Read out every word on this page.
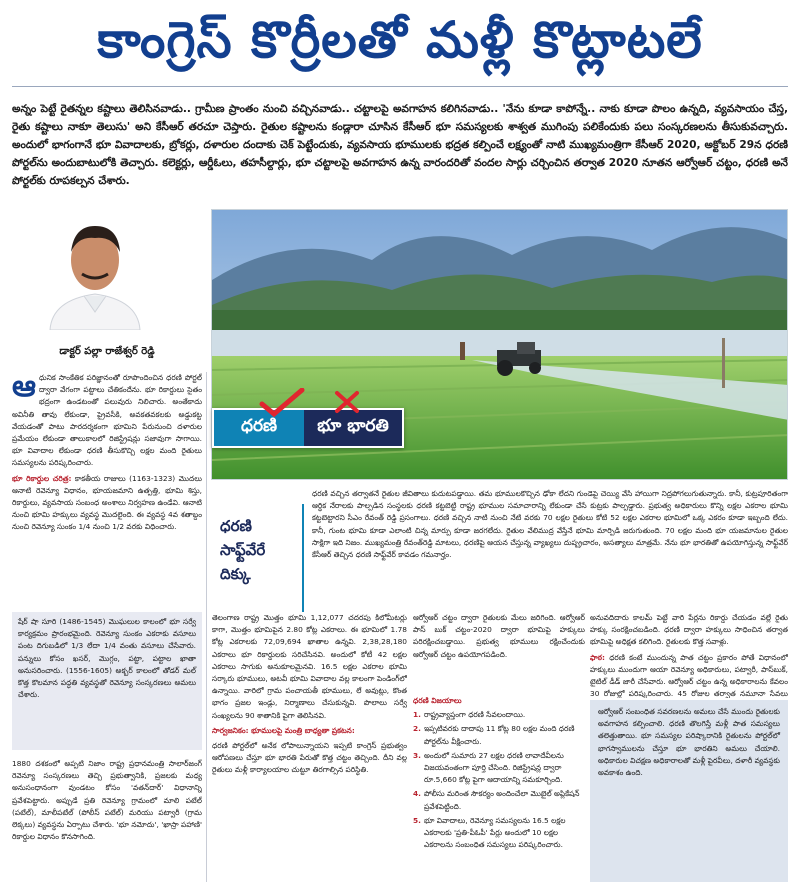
కాంగ్రెస్ కొర్రీలతో మళ్లీ కొట్లాటలే
అన్నం పెట్టే రైతన్నల కష్టాలు తెలిసినవాడు.. గ్రామీణ ప్రాంతం నుంచి వచ్చినవాడు.. చట్టాలపై అవగాహన కలిగినవాడు.. 'నేను కూడా కాపోన్నే.. నాకు కూడా పొలం ఉన్నది, వ్యవసాయం చేస్త, రైతు కష్టాలు నాకూ తెలుసు' అని కేసీఆర్ తరచూ చెప్తారు. రైతుల కష్టాలను కండ్లారా చూసిన కేసీఆర్ భూ సమస్యలకు శాశ్వత ముగింపు పలికేందుకు పలు సంస్కరణలను తీసుకువచ్చారు. అందులో భాగంగానే భూ వివాదాలకు, బ్రోకర్లు, దళారుల దందాకు చెక్ పెట్టేందుకు, వ్యవసాయ భూములకు భద్రత కల్పించే లక్ష్యంతో నాటి ముఖ్యమంత్రిగా కేసీఆర్ 2020, అక్టోబర్ 29న ధరణి పోర్టల్‌ను అందుబాటులోకి తెచ్చారు. కలెక్టర్లు, ఆర్డీఓలు, తహసీల్దార్లు, భూ చట్టాలపై అవగాహన ఉన్న వారందరితో వందల సార్లు చర్చించిన తర్వాత 2020 నూతన ఆర్వోఆర్ చట్టం, ధరణి అనే పోర్టల్‌కు రూపకల్పన చేశారు.
ధరణి భూ భారతి
డాక్టర్ పల్లా రాజేశ్వర్ రెడ్డి

ఆధునిక సాంకేతిక పరిజ్ఞానంతో రూపొందించిన ధరణి పోర్టల్ ద్వారా వేగంగా పట్టాలు చేతికందేను. భూ రికార్డులు సైతం భద్రంగా ఉండటంతో పలువురు నిలిచారు. అంతేకాదు అవినీతి తావు లేకుండా, ప్రైవసీకి, అవకతవకలకు అడ్డుకట్ట వేయడంతో పాటు పారదర్శకంగా భూమిని పేరునుంచి దళారుల ప్రమేయం లేకుండా తాలుకాలలో రిజిస్ట్రేషన్లు సజావుగా సాగాయి. భూ వివాదాల లేకుండా ధరణి తీసుకొచ్చి లక్షల మంది రైతులు సమస్యలను పరిష్కరించారు.

భూ రికార్డుల చరిత్ర: కాకతీయ రాజులు (1163-1323) మొదలు ఆనాటి రెవెన్యూ విధానం, భూయజమాని ఉత్పత్తి, భూమి శిస్తు, రికార్డులు, వ్యవసాయ సంబంధ అంశాలు నిర్వహణ ఉండేవి. ఆనాటి నుంచి భూమి హక్కులు వ్యవస్థ మొదలైంది. ఈ వ్యవస్థ 4వ శతాబ్దం నుంచి రెవెన్యూ సుంకం 1/4 నుంచి 1/2 వరకు విధించారు.

షేర్ షా సూరి (1486-1545) మొఘలుల కాలంలో భూ సర్వే కార్యక్రమం ప్రారంభమైంది. రెవెన్యూ సుంకం ఎకరాకు వసూలు పంట దిగుబడిలో 1/3 లేదా 1/4 వంతు వసూలు చేసేవారు. పన్నులు కోసం ఖసర్, మొగ్గం, పట్టా, పట్టాల ఖాతా అనుసరించారు. (1556-1605) అక్బర్ కాలంలో తోడర్ మల్ కొత్త కొలమాన పద్ధతి వ్యవస్థతో రెవెన్యూ సంస్కరణలు అమలు చేశారు.
1880 దశకంలో అప్పటి నిజాం రాష్ట్ర ప్రధానమంత్రి సాలార్‌జంగ్ రెవెన్యూ సంస్కరణలు తెచ్చి ప్రభుత్వానికి, ప్రజలకు మధ్య అనుసంధానంగా వుండటం కోసం 'వతన్‌దార్' విధానాన్ని ప్రవేశపెట్టారు. అప్పుడే ప్రతి రెవెన్యూ గ్రామంలో మాలి పటేల్ (పటేల్), మాలీపటేల్ (పోలీస్ పటేల్) మరియు పట్వారీ (గ్రామ లెక్కలు) వ్యవస్థను ఏర్పాటు చేశారు. 'భూ నమోదు', 'ఖాస్రా పహాణి' రికార్డుల విధానం కొనసాగింది.
ధరణి
సాఫ్ట్‌వేరే
దిక్కు
ధరణి వచ్చిన తర్వాతనే రైతుల జీవితాలు కుదుటపడ్డాయి. తమ భూములకొచ్చిన ఢోకా లేదని గుండెపై చెయ్యి వేసి హాయిగా నిద్రపోగలుగుతున్నారు. కానీ, కుట్రపూరితంగా ఆర్థిక నేరాలకు పాల్పడిన సంస్థలకు ధరణి కట్టబెట్టి రాష్ట్ర భూముల సమాచారాన్ని లేకుండా చేసే కుట్రకు పాల్పడ్డారు. ప్రభుత్వ అధికారులు కొన్ని లక్షల ఎకరాల భూమి కట్టబెట్టారని సీఎం రేవంత్ రెడ్డి ప్రసంగాలు. ధరణి వచ్చిన నాటి నుంచి నేటి వరకు 70 లక్షల రైతులు కోటి 52 లక్షల ఎకరాల భూమిలో ఒక్క ఎకరం కూడా ఇబ్బంది లేదు. కానీ, గుంట భూమి కూడా ఎలాంటి చిన్న మార్పు కూడా జరగలేదు. రైతుల వేలిముద్ర వేస్తేనే భూమి మార్పిడి జరుగుతుంది. 70 లక్షల మంది భూ యజమానుల రైతుల సాక్షిగా ఇది నిజం. ముఖ్యమంత్రి రేవంత్‌రెడ్డి మాటలు, ధరణిపై ఆయన చేస్తున్న వ్యాఖ్యలు దుష్ప్రచారం, అసత్యాలు మాత్రమే. నేను భూ భారతితో ఉపయోగిస్తున్న సాఫ్ట్‌వేర్ కేసీఆర్ తెచ్చిన ధరణి సాఫ్ట్‌వేర్ కావడం గమనార్హం.

తెలంగాణ రాష్ట్ర మొత్తం భూమి 1,12,077 చదరపు కిలోమీటర్లు కాగా, మొత్తం భూమిపైన 2.80 కోట్ల ఎకరాలు. ఈ భూమిలో 1.78 కోట్ల ఎకరాలకు 72,09,694 ఖాతాల ఉన్నవి. 2,38,28,180 ఎకరాలు భూ రికార్డులకు సరిచేసినవి. అందులో కోటీ 42 లక్షల ఎకరాలు సాగుకు అనుకూలమైనవి. 16.5 లక్షల ఎకరాల భూమి సర్కారు భూములు, అటవీ భూమి వివాదాల వల్ల కాలంగా పెండింగ్‌లో ఉన్నాయి. వారిలో గ్రామ పంచాయతీ భూములు, లే అవుట్లు, కొంత భాగం ప్రజల ఇండ్లు, నిర్మాణాలు చేసుకున్నవి. పొలాలు సర్వే సంఖ్యలను 90 శాతానికి పైగా తెలిసినవి.

సార్వజనికం: భూములపై మంత్రి బాధ్యతా ప్రకటన:

ధరణి పోర్టల్‌లో అనేక లోపాలున్నాయని ఇప్పటి కాంగ్రెస్ ప్రభుత్వం ఆరోపణలు చేస్తూ భూ భారతి పేరుతో కొత్త చట్టం తెచ్చింది. దీని వల్ల రైతులు మళ్లీ కార్యాలయాల చుట్టూ తిరగాల్సిన పరిస్థితి.

ఆర్వోఆర్ చట్టం ద్వారా రైతులకు మేలు జరిగింది. ఆర్వోఆర్ పాస్ బుక్ చట్టం-2020 ద్వారా భూమిపై హక్కులు పరిరక్షించబడ్డాయి. ప్రభుత్వ భూములు రక్షించేందుకు ఆర్వోఆర్ చట్టం ఉపయోగపడింది.
ధరణి విజయాలు
1. రాష్ట్రవ్యాప్తంగా ధరణి సేవలందాయి.
2. ఇప్పటివరకు దాదాపు 11 కోట్ల 80 లక్షల మంది ధరణి పోర్టల్‌ను వీక్షించారు.
3. అందులో సుమారు 27 లక్షల ధరణి లావాదేవీలను విజయవంతంగా పూర్తి చేసింది. రిజిస్ట్రేషన్ల ద్వారా రూ.5,660 కోట్ల పైగా ఆదాయాన్ని సమకూర్చింది.
4. పోలీసు మరింత సౌకర్యం అందించేలా మొబైల్ అప్లికేషన్ ప్రవేశపెట్టింది.
5. భూ వివాదాలు, రెవెన్యూ సమస్యలను 16.5 లక్షల ఎకరాలకు 'ప్రతి-పీఓపీ' పేర్లు అందులో 10 లక్షల ఎకరాలను సంబంధిత సమస్యలు పరిష్కరించారు.

అనువదిదారు కాలమ్ పెట్టే వారి పేర్లను రికార్డు చేయడం వల్లే రైతు హక్కు సంరక్షించబడింది. ధరణి ద్వారా హక్కులు సాధించిన తర్వాత భూమిపై అధిక్షత కలిగింది. రైతులకు కొత్త సవాళ్లు.

ఫాఠ: ధరణి కంటే ముందున్న పాత చట్టం ప్రకారం పోతే విధానంలో హక్కులు ముందుగా ఆయా రెవెన్యూ అధికారులు, పట్వారీ, పాస్‌బుక్, టైటిల్ డీడ్ జారీ చేసేవారు. ఆర్వోఆర్ చట్టం ఉన్న అధికారాలను కేవలం 30 రోజుల్లో పరిష్కరించారు. 45 రోజుల తర్వాత నమూనా సేవలు

ఆర్వోఆర్ సంబంధిత సవరణలను అమలు చేసే ముందు రైతులకు అవగాహన కల్పించాలి. ధరణి తొలగిస్తే మళ్లీ పాత సమస్యలు తలెత్తుతాయి. భూ సమస్యల పరిష్కారానికి రైతులను పోర్టల్‌లో భాగస్వాములను చేస్తూ భూ భారతిని అమలు చేయాలి. అధికారుల విచక్షణ అధికారాలతో మళ్లీ పైరవీలు, దళారీ వ్యవస్థకు అవకాశం ఉంది.
